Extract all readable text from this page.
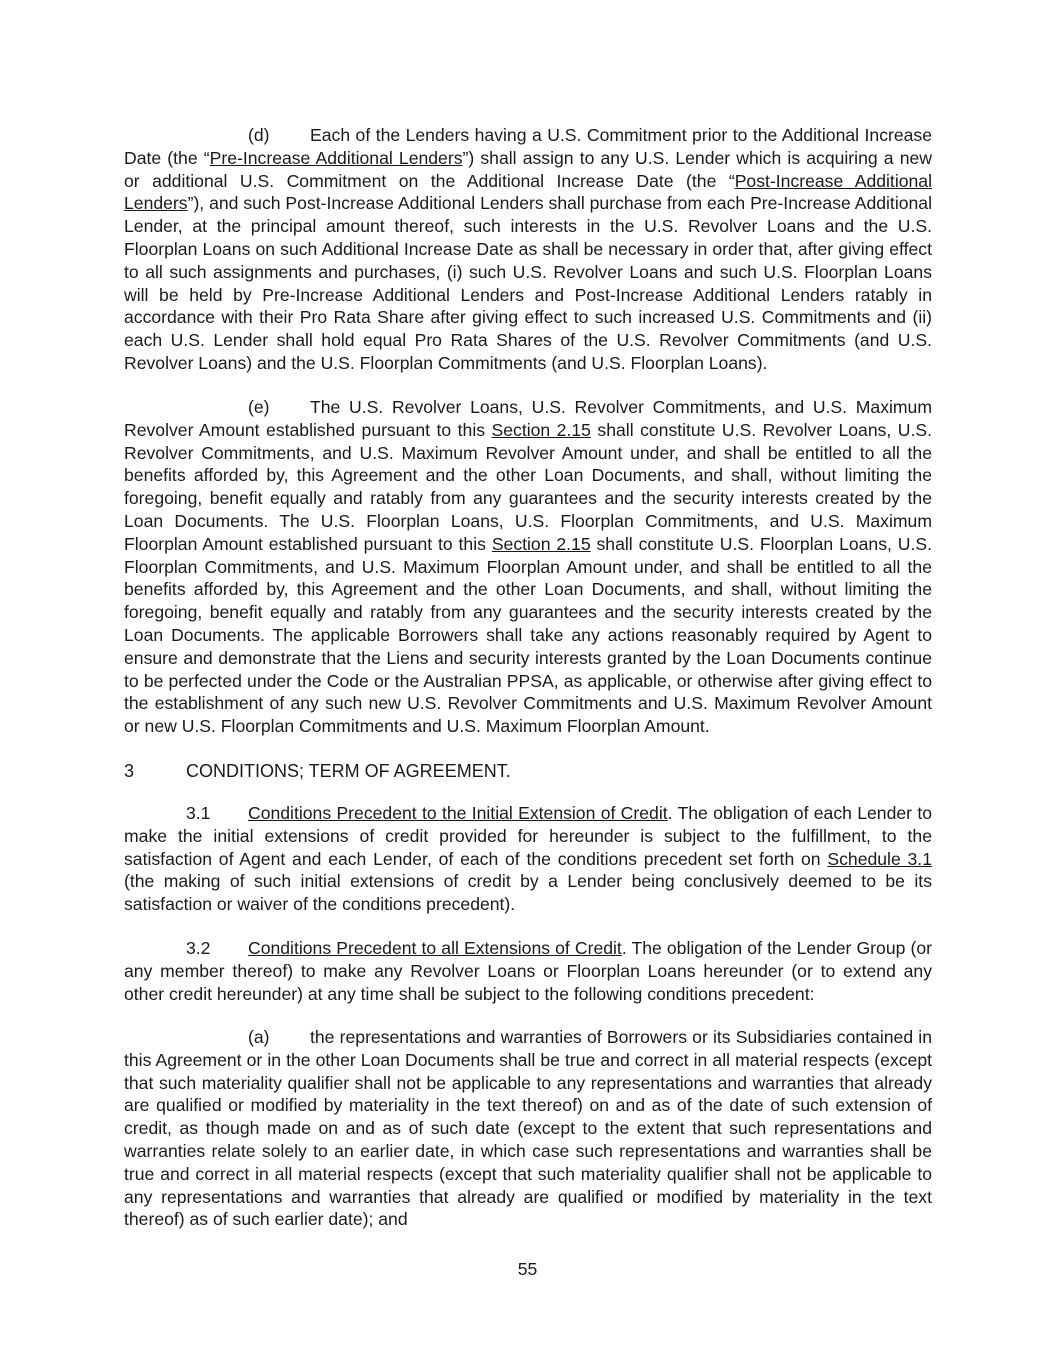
(d) Each of the Lenders having a U.S. Commitment prior to the Additional Increase Date (the “Pre-Increase Additional Lenders”) shall assign to any U.S. Lender which is acquiring a new or additional U.S. Commitment on the Additional Increase Date (the “Post-Increase Additional Lenders”), and such Post-Increase Additional Lenders shall purchase from each Pre-Increase Additional Lender, at the principal amount thereof, such interests in the U.S. Revolver Loans and the U.S. Floorplan Loans on such Additional Increase Date as shall be necessary in order that, after giving effect to all such assignments and purchases, (i) such U.S. Revolver Loans and such U.S. Floorplan Loans will be held by Pre-Increase Additional Lenders and Post-Increase Additional Lenders ratably in accordance with their Pro Rata Share after giving effect to such increased U.S. Commitments and (ii) each U.S. Lender shall hold equal Pro Rata Shares of the U.S. Revolver Commitments (and U.S. Revolver Loans) and the U.S. Floorplan Commitments (and U.S. Floorplan Loans).

(e) The U.S. Revolver Loans, U.S. Revolver Commitments, and U.S. Maximum Revolver Amount established pursuant to this Section 2.15 shall constitute U.S. Revolver Loans, U.S. Revolver Commitments, and U.S. Maximum Revolver Amount under, and shall be entitled to all the benefits afforded by, this Agreement and the other Loan Documents, and shall, without limiting the foregoing, benefit equally and ratably from any guarantees and the security interests created by the Loan Documents. The U.S. Floorplan Loans, U.S. Floorplan Commitments, and U.S. Maximum Floorplan Amount established pursuant to this Section 2.15 shall constitute U.S. Floorplan Loans, U.S. Floorplan Commitments, and U.S. Maximum Floorplan Amount under, and shall be entitled to all the benefits afforded by, this Agreement and the other Loan Documents, and shall, without limiting the foregoing, benefit equally and ratably from any guarantees and the security interests created by the Loan Documents. The applicable Borrowers shall take any actions reasonably required by Agent to ensure and demonstrate that the Liens and security interests granted by the Loan Documents continue to be perfected under the Code or the Australian PPSA, as applicable, or otherwise after giving effect to the establishment of any such new U.S. Revolver Commitments and U.S. Maximum Revolver Amount or new U.S. Floorplan Commitments and U.S. Maximum Floorplan Amount.

3	CONDITIONS; TERM OF AGREEMENT.

3.1 Conditions Precedent to the Initial Extension of Credit. The obligation of each Lender to make the initial extensions of credit provided for hereunder is subject to the fulfillment, to the satisfaction of Agent and each Lender, of each of the conditions precedent set forth on Schedule 3.1 (the making of such initial extensions of credit by a Lender being conclusively deemed to be its satisfaction or waiver of the conditions precedent).

3.2 Conditions Precedent to all Extensions of Credit. The obligation of the Lender Group (or any member thereof) to make any Revolver Loans or Floorplan Loans hereunder (or to extend any other credit hereunder) at any time shall be subject to the following conditions precedent:

(a) the representations and warranties of Borrowers or its Subsidiaries contained in this Agreement or in the other Loan Documents shall be true and correct in all material respects (except that such materiality qualifier shall not be applicable to any representations and warranties that already are qualified or modified by materiality in the text thereof) on and as of the date of such extension of credit, as though made on and as of such date (except to the extent that such representations and warranties relate solely to an earlier date, in which case such representations and warranties shall be true and correct in all material respects (except that such materiality qualifier shall not be applicable to any representations and warranties that already are qualified or modified by materiality in the text thereof) as of such earlier date); and

55
